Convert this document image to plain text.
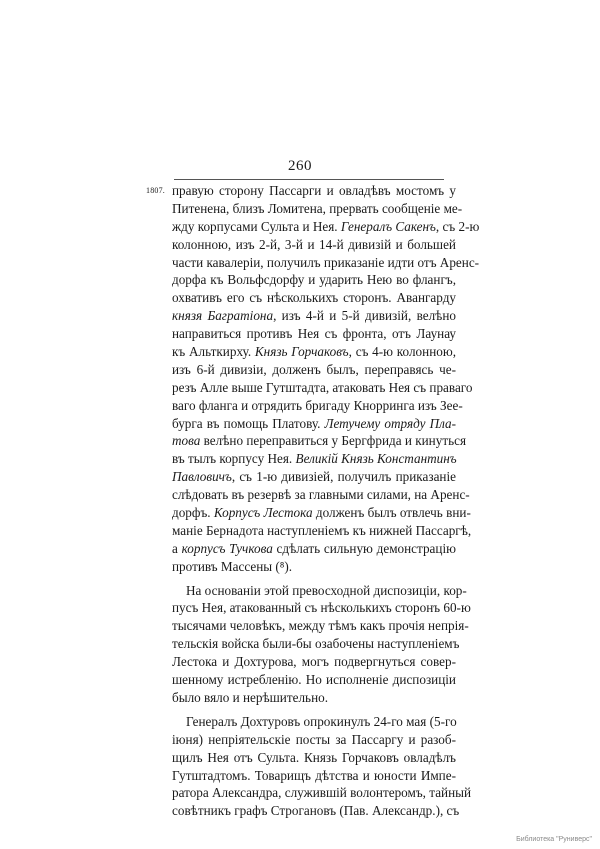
260
1807. правую сторону Пассарги и овладѣвъ мостомъ у
Питенена, близъ Ломитена, прервать сообщеніе ме-
жду корпусами Сульта и Нея. Генералъ Сакенъ, съ 2-ю
колонною, изъ 2-й, 3-й и 14-й дивизій и большей
части кавалеріи, получилъ приказаніе идти отъ Аренс-
дорфа къ Вольфсдорфу и ударить Нею во флангъ,
охвативъ его съ нѣсколькихъ сторонъ. Авангарду
князя Багратіона, изъ 4-й и 5-й дивизій, велѣно
направиться противъ Нея съ фронта, отъ Лаунау
къ Альткирху. Князь Горчаковъ, съ 4-ю колонною,
изъ 6-й дивизіи, долженъ былъ, переправясь че-
резъ Алле выше Гутштадта, атаковать Нея съ праваго
ваго фланга и отрядить бригаду Кнорринга изъ Зее-
бурга въ помощь Платову. Летучему отряду Пла-
това велѣно переправиться у Бергфрида и кинуться
въ тылъ корпусу Нея. Великій Князь Константинъ
Павловичъ, съ 1-ю дивизіей, получилъ приказаніе
слѣдовать въ резервѣ за главными силами, на Аренс-
дорфъ. Корпусъ Лестока долженъ былъ отвлечь вни-
маніе Бернадота наступленіемъ къ нижней Пассаргѣ,
а корпусъ Тучкова сдѣлать сильную демонстрацію
противъ Массены (⁸).
На основаніи этой превосходной диспозиціи, кор-
пусъ Нея, атакованный съ нѣсколькихъ сторонъ 60-ю
тысячами человѣкъ, между тѣмъ какъ прочія непрія-
тельскія войска были-бы озабочены наступленіемъ
Лестока и Дохтурова, могъ подвергнуться совер-
шенному истребленію. Но исполненіе диспозиціи
было вяло и нерѣшительно.
Генералъ Дохтуровъ опрокинулъ 24-го мая (5-го
іюня) непріятельскіе посты за Пассаргу и разоб-
щилъ Нея отъ Сульта. Князь Горчаковъ овладѣлъ
Гутштадтомъ. Товарищъ дѣтства и юности Импе-
ратора Александра, служившій волонтеромъ, тайный
совѣтникъ графъ Строгановъ (Пав. Александр.), съ
Библиотека "Руниверс"
